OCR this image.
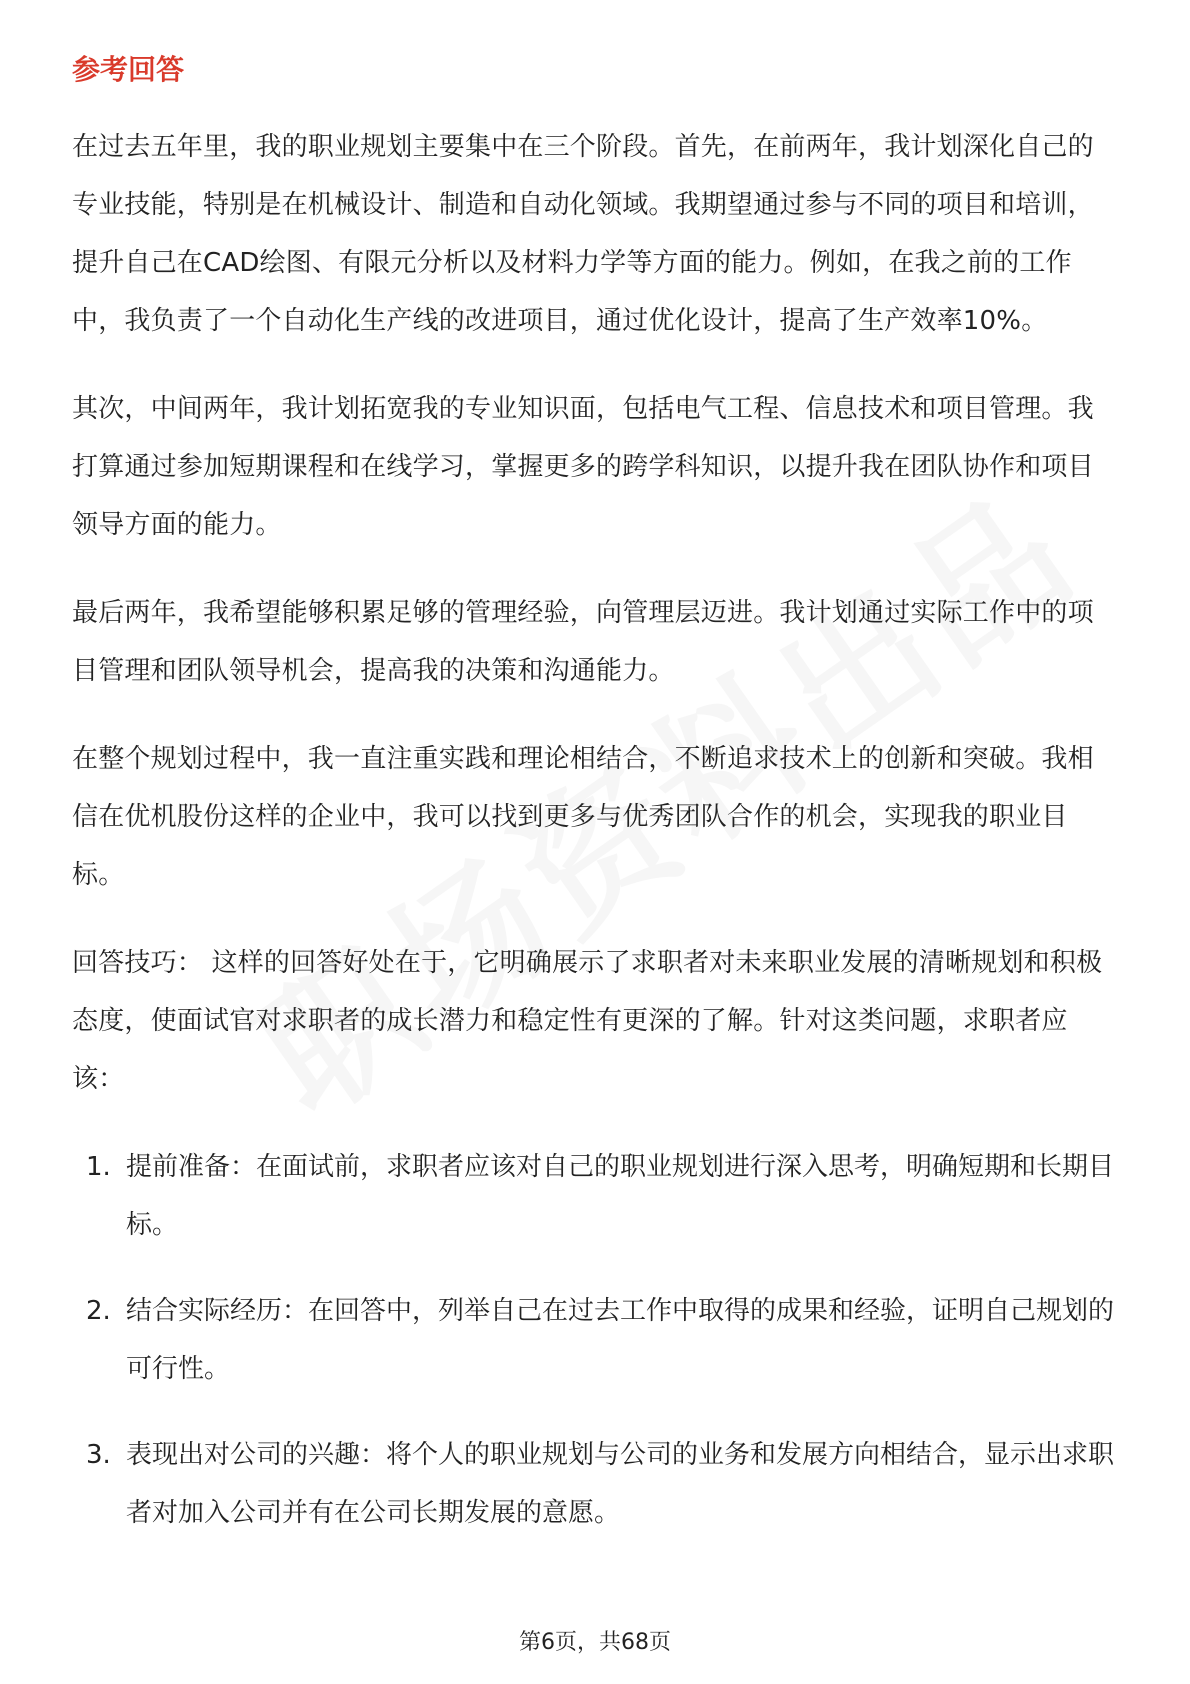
参考回答

在过去五年里，我的职业规划主要集中在三个阶段。首先，在前两年，我计划深化自己的专业技能，特别是在机械设计、制造和自动化领域。我期望通过参与不同的项目和培训，提升自己在CAD绘图、有限元分析以及材料力学等方面的能力。例如，在我之前的工作中，我负责了一个自动化生产线的改进项目，通过优化设计，提高了生产效率10%。

其次，中间两年，我计划拓宽我的专业知识面，包括电气工程、信息技术和项目管理。我打算通过参加短期课程和在线学习，掌握更多的跨学科知识，以提升我在团队协作和项目领导方面的能力。

最后两年，我希望能够积累足够的管理经验，向管理层迈进。我计划通过实际工作中的项目管理和团队领导机会，提高我的决策和沟通能力。

在整个规划过程中，我一直注重实践和理论相结合，不断追求技术上的创新和突破。我相信在优机股份这样的企业中，我可以找到更多与优秀团队合作的机会，实现我的职业目标。

回答技巧： 这样的回答好处在于，它明确展示了求职者对未来职业发展的清晰规划和积极态度，使面试官对求职者的成长潜力和稳定性有更深的了解。针对这类问题，求职者应该：

1. 提前准备：在面试前，求职者应该对自己的职业规划进行深入思考，明确短期和长期目标。
2. 结合实际经历：在回答中，列举自己在过去工作中取得的成果和经验，证明自己规划的可行性。
3. 表现出对公司的兴趣：将个人的职业规划与公司的业务和发展方向相结合，显示出求职者对加入公司并有在公司长期发展的意愿。
第6页，共68页
